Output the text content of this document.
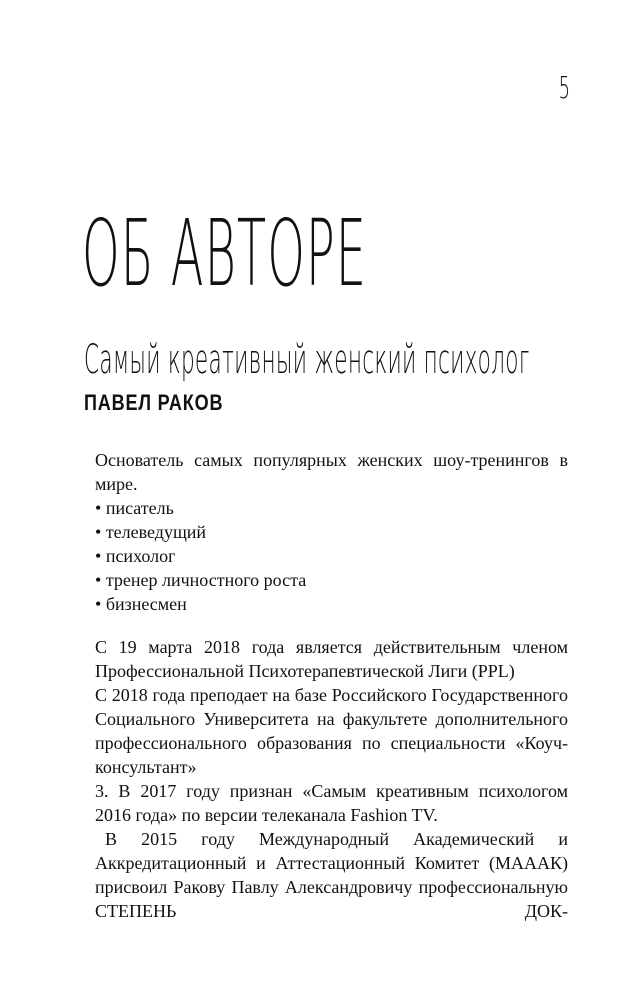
5
ОБ АВТОРЕ
Самый креативный женский психолог
ПАВЕЛ РАКОВ

Основатель самых популярных женских шоу-тренингов в мире.

• писатель
• телеведущий
• психолог
• тренер личностного роста
• бизнесмен

С 19 марта 2018 года является действительным членом Профессиональной Психотерапевтической Лиги (PPL)

С 2018 года преподает на базе Российского Государственного Социального Университета на факультете дополнительного профессионального образования по специальности «Коуч-консультант»

3. В 2017 году признан «Самым креативным психологом 2016 года» по версии телеканала Fashion TV.

В 2015 году Международный Академический и Аккредитационный и Аттестационный Комитет (МААAК) присвоил Ракову Павлу Александровичу профессиональную СТЕПЕНЬ ДОК-
